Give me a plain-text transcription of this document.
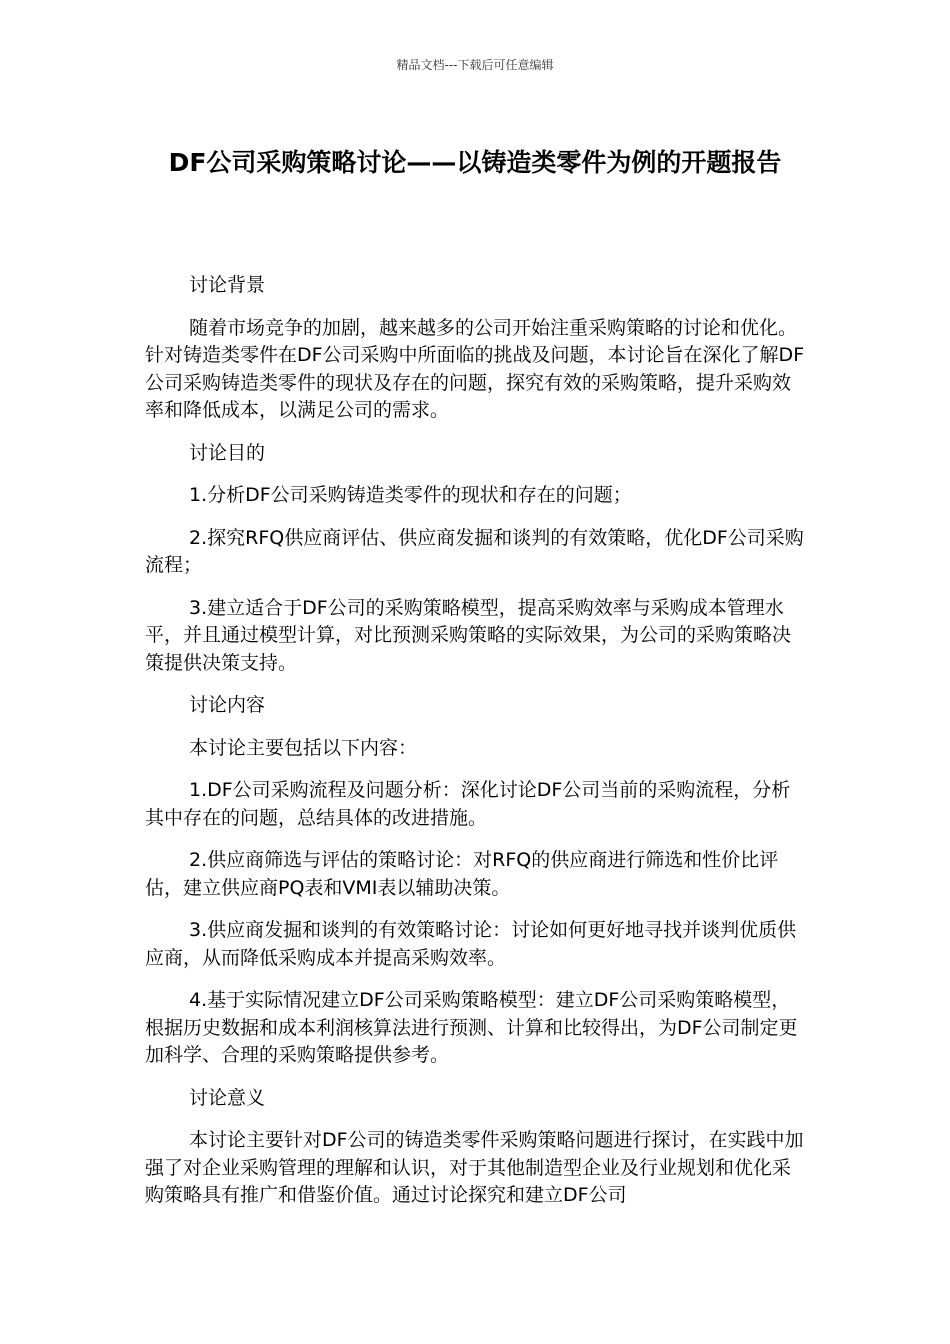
精品文档---下载后可任意编辑
DF公司采购策略讨论——以铸造类零件为例的开题报告

讨论背景

随着市场竞争的加剧，越来越多的公司开始注重采购策略的讨论和优化。针对铸造类零件在DF公司采购中所面临的挑战及问题，本讨论旨在深化了解DF公司采购铸造类零件的现状及存在的问题，探究有效的采购策略，提升采购效率和降低成本，以满足公司的需求。

讨论目的

1.分析DF公司采购铸造类零件的现状和存在的问题；

2.探究RFQ供应商评估、供应商发掘和谈判的有效策略，优化DF公司采购流程；

3.建立适合于DF公司的采购策略模型，提高采购效率与采购成本管理水平，并且通过模型计算，对比预测采购策略的实际效果，为公司的采购策略决策提供决策支持。

讨论内容

本讨论主要包括以下内容：

1.DF公司采购流程及问题分析：深化讨论DF公司当前的采购流程，分析其中存在的问题，总结具体的改进措施。

2.供应商筛选与评估的策略讨论：对RFQ的供应商进行筛选和性价比评估，建立供应商PQ表和VMI表以辅助决策。

3.供应商发掘和谈判的有效策略讨论：讨论如何更好地寻找并谈判优质供应商，从而降低采购成本并提高采购效率。

4.基于实际情况建立DF公司采购策略模型：建立DF公司采购策略模型，根据历史数据和成本利润核算法进行预测、计算和比较得出，为DF公司制定更加科学、合理的采购策略提供参考。

讨论意义

本讨论主要针对DF公司的铸造类零件采购策略问题进行探讨，在实践中加强了对企业采购管理的理解和认识，对于其他制造型企业及行业规划和优化采购策略具有推广和借鉴价值。通过讨论探究和建立DF公司
